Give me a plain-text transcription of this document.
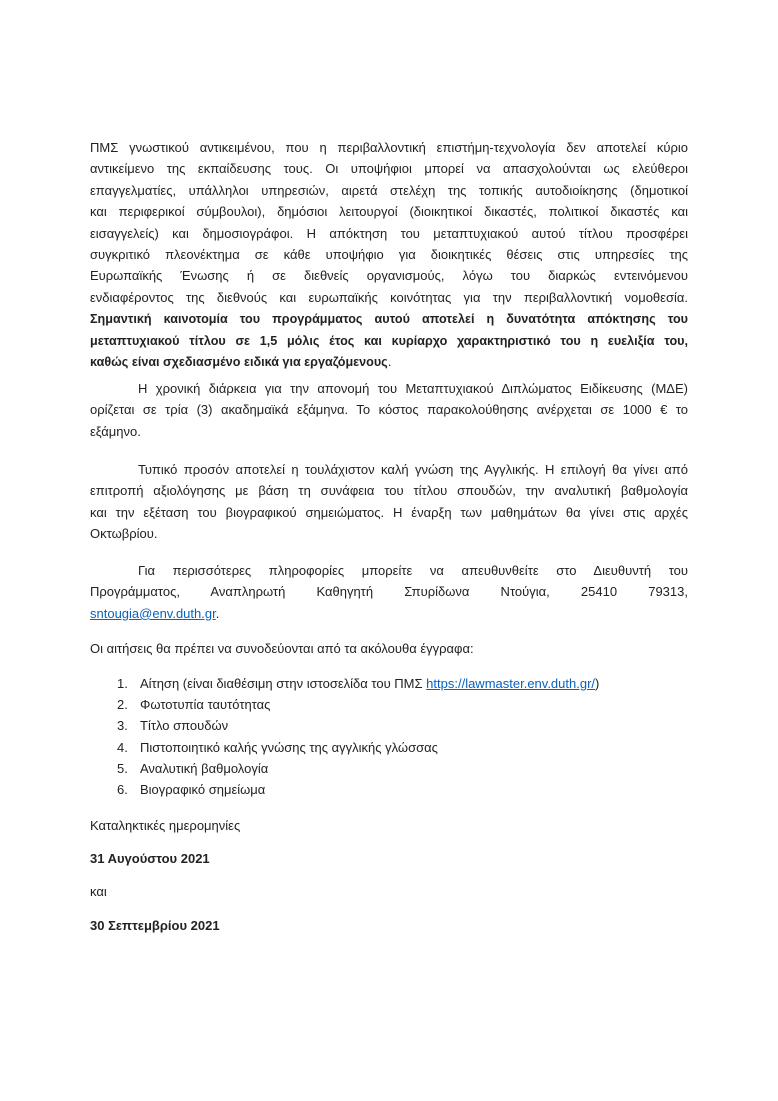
ΠΜΣ γνωστικού αντικειμένου, που η περιβαλλοντική επιστήμη-τεχνολογία δεν αποτελεί κύριο
αντικείμενο της εκπαίδευσης τους. Οι υποψήφιοι μπορεί να απασχολούνται ως ελεύθεροι
επαγγελματίες, υπάλληλοι υπηρεσιών, αιρετά στελέχη της τοπικής αυτοδιοίκησης (δημοτικοί
και περιφερικοί σύμβουλοι), δημόσιοι λειτουργοί (διοικητικοί δικαστές, πολιτικοί δικαστές και
εισαγγελείς) και δημοσιογράφοι. Η απόκτηση του μεταπτυχιακού αυτού τίτλου προσφέρει
συγκριτικό πλεονέκτημα σε κάθε υποψήφιο για διοικητικές θέσεις στις υπηρεσίες της
Ευρωπαϊκής Ένωσης ή σε διεθνείς οργανισμούς, λόγω του διαρκώς εντεινόμενου
ενδιαφέροντος της διεθνούς και ευρωπαϊκής κοινότητας για την περιβαλλοντική νομοθεσία.
Σημαντική καινοτομία του προγράμματος αυτού αποτελεί η δυνατότητα απόκτησης του
μεταπτυχιακού τίτλου σε 1,5 μόλις έτος και κυρίαρχο χαρακτηριστικό του η ευελιξία του,
καθώς είναι σχεδιασμένο ειδικά για εργαζόμενους.
Η χρονική διάρκεια για την απονομή του Μεταπτυχιακού Διπλώματος Ειδίκευσης (ΜΔΕ)
ορίζεται σε τρία (3) ακαδημαϊκά εξάμηνα. Το κόστος παρακολούθησης ανέρχεται σε 1000 € το
εξάμηνο.
Τυπικό προσόν αποτελεί η τουλάχιστον καλή γνώση της Αγγλικής. Η επιλογή θα γίνει από
επιτροπή αξιολόγησης με βάση τη συνάφεια του τίτλου σπουδών, την αναλυτική βαθμολογία
και την εξέταση του βιογραφικού σημειώματος. Η έναρξη των μαθημάτων θα γίνει στις αρχές
Οκτωβρίου.
Για περισσότερες πληροφορίες μπορείτε να απευθυνθείτε στο Διευθυντή του
Προγράμματος, Αναπληρωτή Καθηγητή Σπυρίδωνα Ντούγια, 25410 79313,
sntougia@env.duth.gr.
Οι αιτήσεις θα πρέπει να συνοδεύονται από τα ακόλουθα έγγραφα:
1. Αίτηση (είναι διαθέσιμη στην ιστοσελίδα του ΠΜΣ https://lawmaster.env.duth.gr/)
2. Φωτοτυπία ταυτότητας
3. Τίτλο σπουδών
4. Πιστοποιητικό καλής γνώσης της αγγλικής γλώσσας
5. Αναλυτική βαθμολογία
6. Βιογραφικό σημείωμα
Καταληκτικές ημερομηνίες
31 Αυγούστου 2021
και
30 Σεπτεμβρίου 2021
